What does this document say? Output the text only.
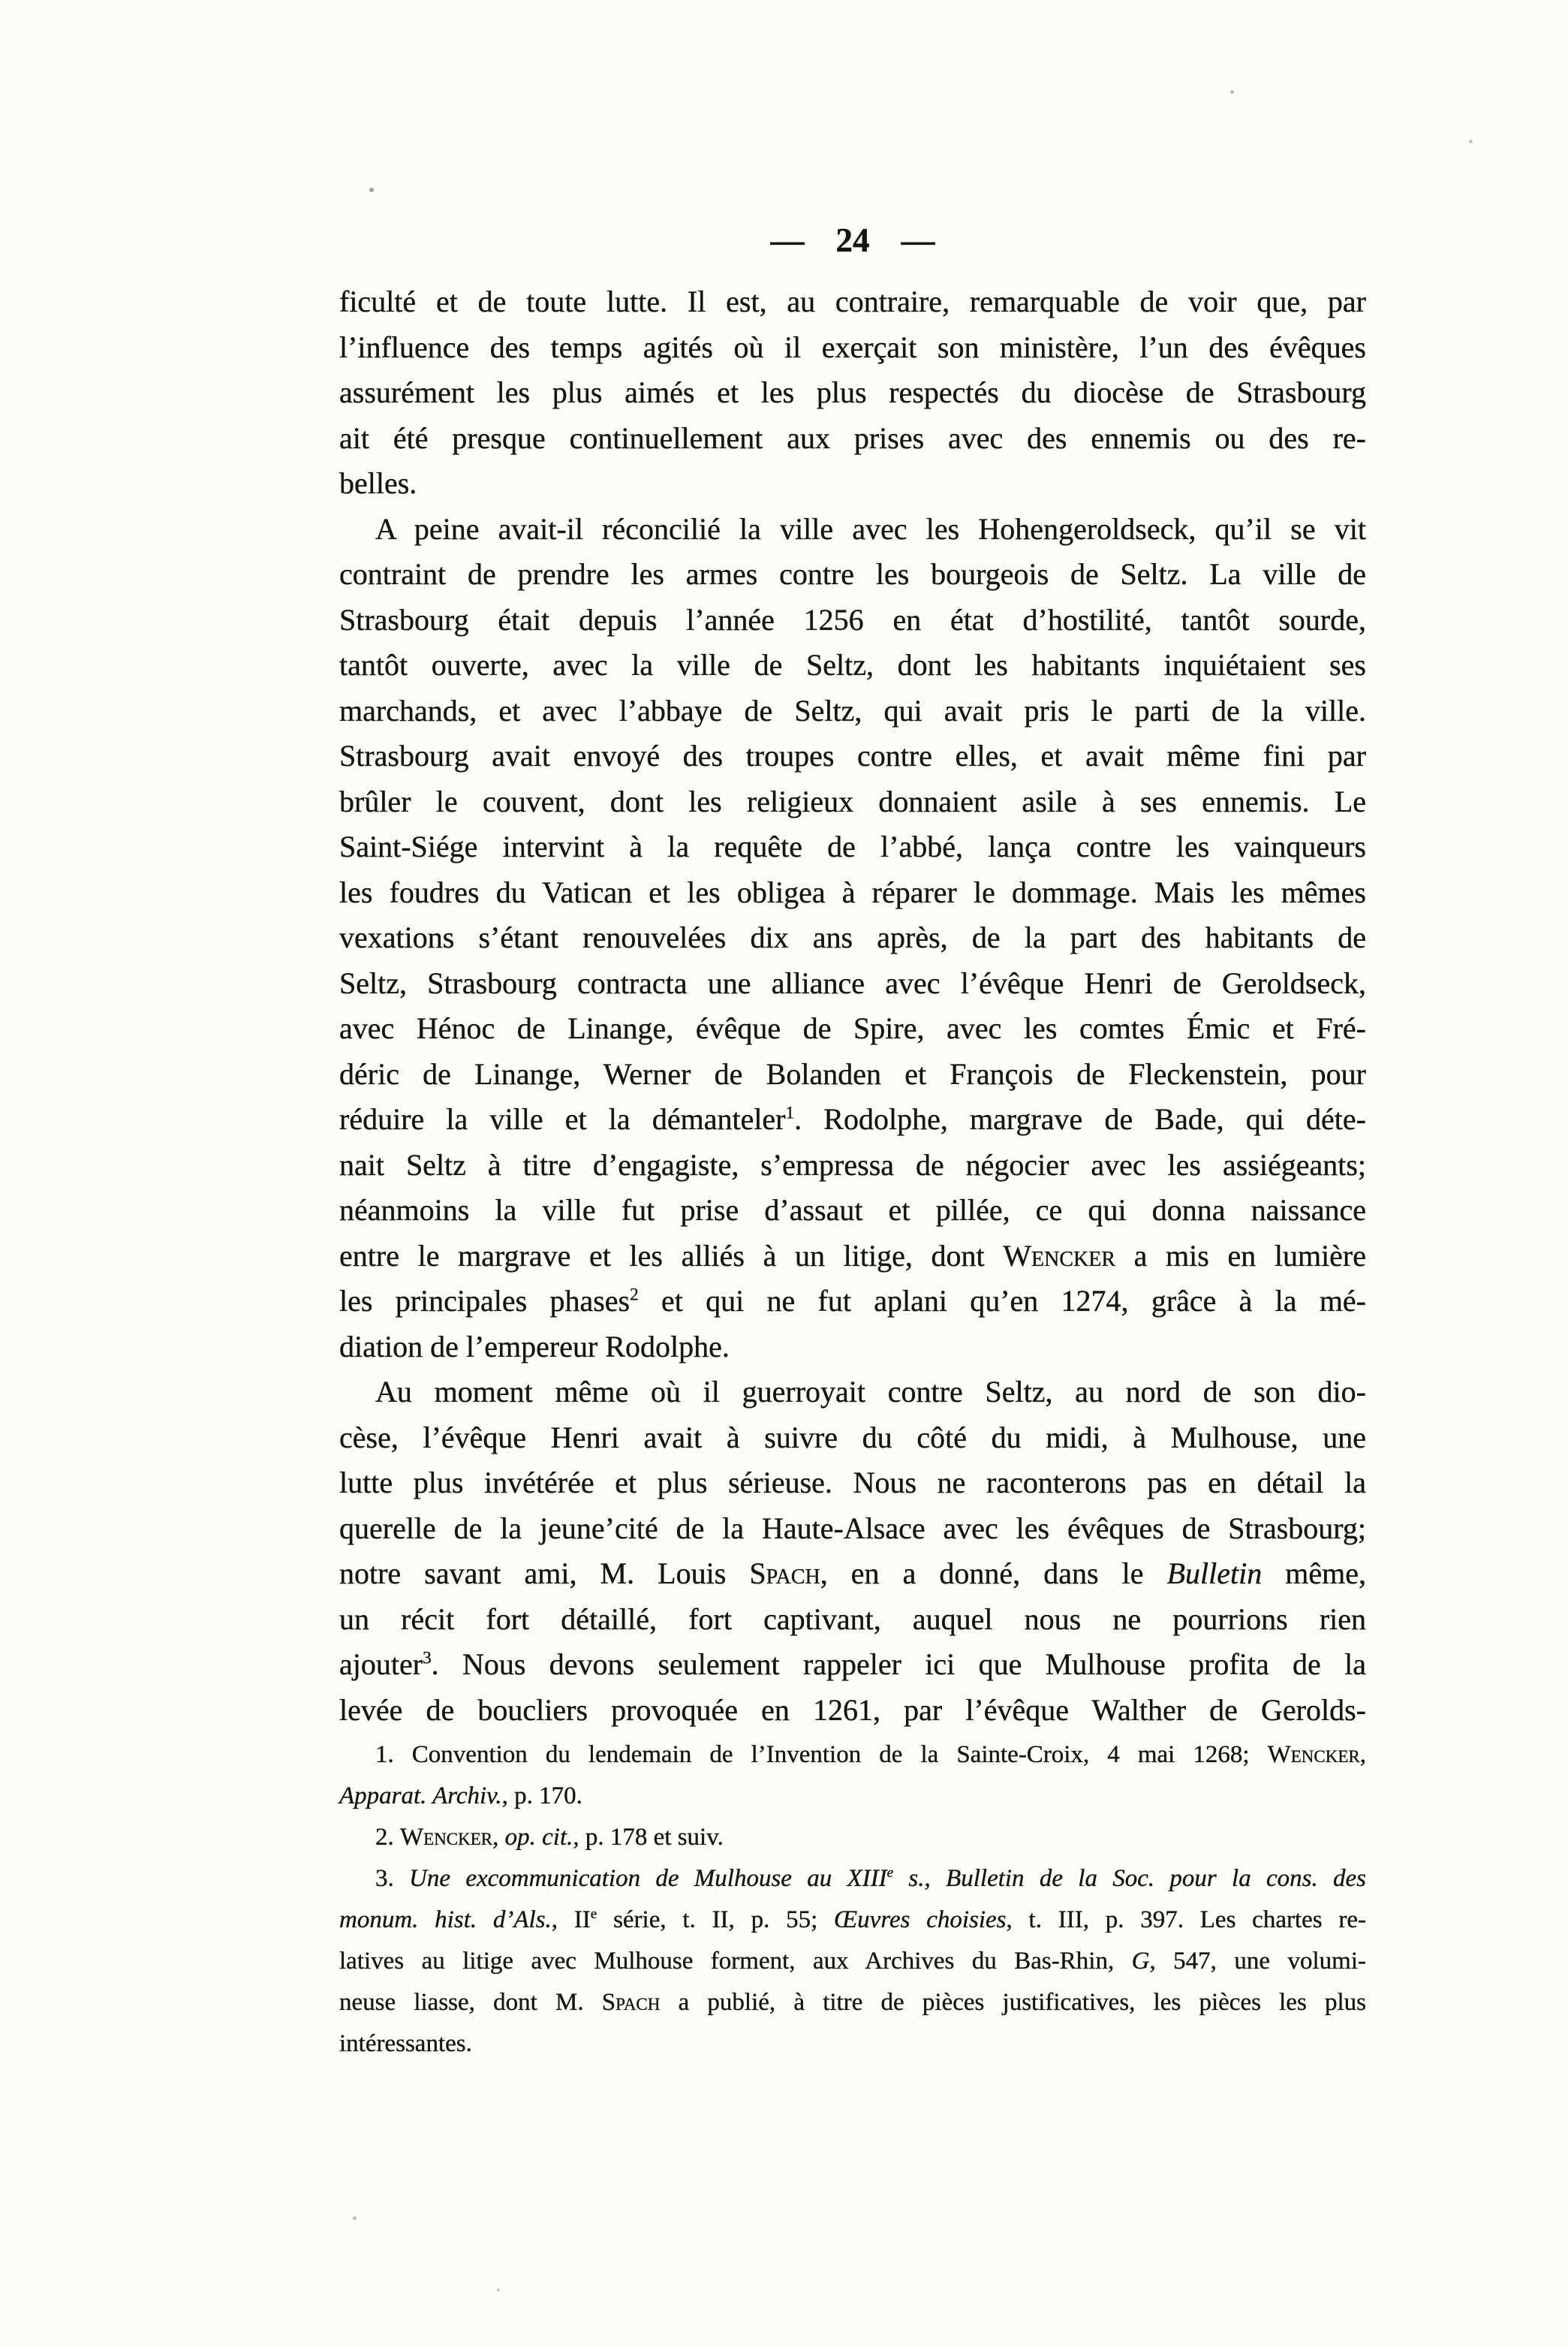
— 24 —
ficulté et de toute lutte. Il est, au contraire, remarquable de voir que, par
l’influence des temps agités où il exerçait son ministère, l’un des évêques
assurément les plus aimés et les plus respectés du diocèse de Strasbourg
ait été presque continuellement aux prises avec des ennemis ou des re-
belles.
A peine avait-il réconcilié la ville avec les Hohengeroldseck, qu’il se vit
contraint de prendre les armes contre les bourgeois de Seltz. La ville de
Strasbourg était depuis l’année 1256 en état d’hostilité, tantôt sourde,
tantôt ouverte, avec la ville de Seltz, dont les habitants inquiétaient ses
marchands, et avec l’abbaye de Seltz, qui avait pris le parti de la ville.
Strasbourg avait envoyé des troupes contre elles, et avait même fini par
brûler le couvent, dont les religieux donnaient asile à ses ennemis. Le
Saint-Siége intervint à la requête de l’abbé, lança contre les vainqueurs
les foudres du Vatican et les obligea à réparer le dommage. Mais les mêmes
vexations s’étant renouvelées dix ans après, de la part des habitants de
Seltz, Strasbourg contracta une alliance avec l’évêque Henri de Geroldseck,
avec Hénoc de Linange, évêque de Spire, avec les comtes Émic et Fré-
déric de Linange, Werner de Bolanden et François de Fleckenstein, pour
réduire la ville et la démanteler$^1$. Rodolphe, margrave de Bade, qui déte-
nait Seltz à titre d’engagiste, s’empressa de négocier avec les assiégeants;
néanmoins la ville fut prise d’assaut et pillée, ce qui donna naissance
entre le margrave et les alliés à un litige, dont Wencker a mis en lumière
les principales phases$^2$ et qui ne fut aplani qu’en 1274, grâce à la mé-
diation de l’empereur Rodolphe.
Au moment même où il guerroyait contre Seltz, au nord de son dio-
cèse, l’évêque Henri avait à suivre du côté du midi, à Mulhouse, une
lutte plus invétérée et plus sérieuse. Nous ne raconterons pas en détail la
querelle de la jeune’cité de la Haute-Alsace avec les évêques de Strasbourg;
notre savant ami, M. Louis Spach, en a donné, dans le Bulletin même,
un récit fort détaillé, fort captivant, auquel nous ne pourrions rien
ajouter$^3$. Nous devons seulement rappeler ici que Mulhouse profita de la
levée de boucliers provoquée en 1261, par l’évêque Walther de Gerolds-
1. Convention du lendemain de l’Invention de la Sainte-Croix, 4 mai 1268; Wencker,
Apparat. Archiv., p. 170.
2. Wencker, op. cit., p. 178 et suiv.
3. Une excommunication de Mulhouse au XIIIe s., Bulletin de la Soc. pour la cons. des
monum. hist. d’Als., IIe série, t. II, p. 55; Œuvres choisies, t. III, p. 397. Les chartes re-
latives au litige avec Mulhouse forment, aux Archives du Bas-Rhin, G, 547, une volumi-
neuse liasse, dont M. Spach a publié, à titre de pièces justificatives, les pièces les plus
intéressantes.
